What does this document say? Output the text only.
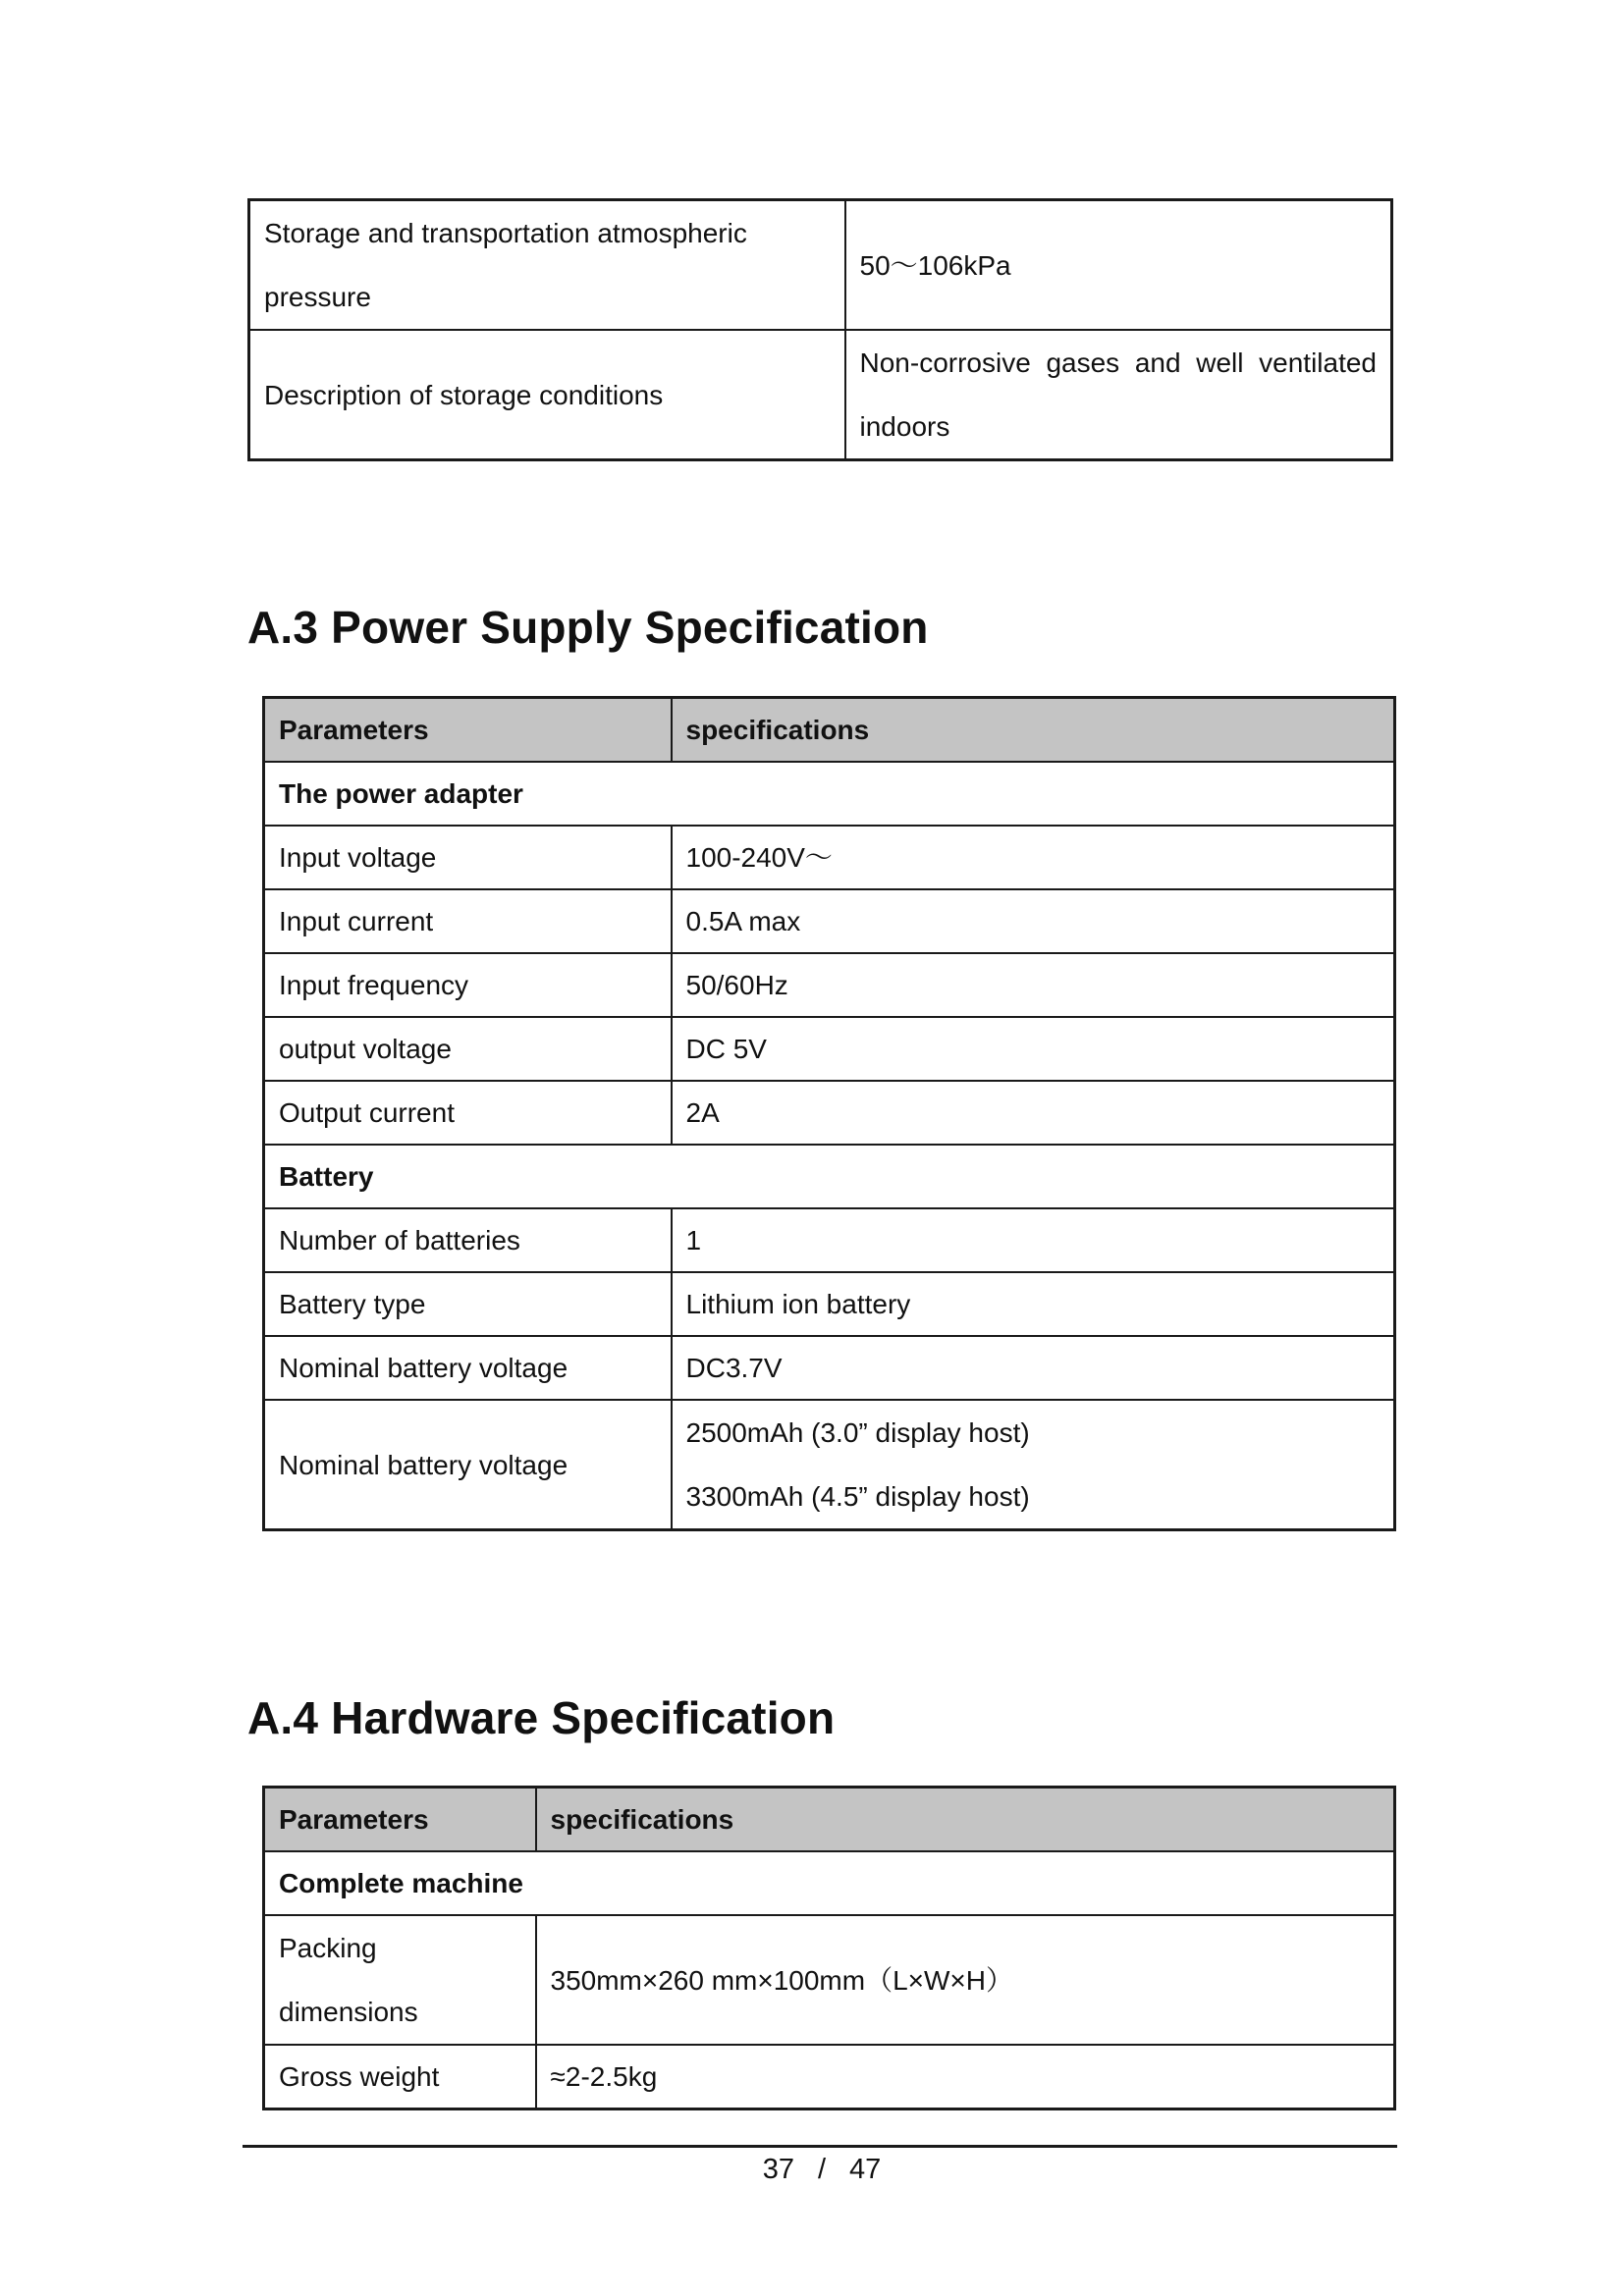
Storage and transportation atmospheric pressure	50～106kPa
Description of storage conditions	Non-corrosive gases and well ventilated indoors
A.3 Power Supply Specification
Parameters	specifications
The power adapter	
Input voltage	100-240V～
Input current	0.5A max
Input frequency	50/60Hz
output voltage	DC 5V
Output current	2A
Battery	
Number of batteries	1
Battery type	Lithium ion battery
Nominal battery voltage	DC3.7V
Nominal battery voltage	2500mAh (3.0” display host)
3300mAh (4.5” display host)
A.4 Hardware Specification
Parameters	specifications
Complete machine	
Packing dimensions	350mm×260 mm×100mm（L×W×H）
Gross weight	≈2-2.5kg
37 / 47
